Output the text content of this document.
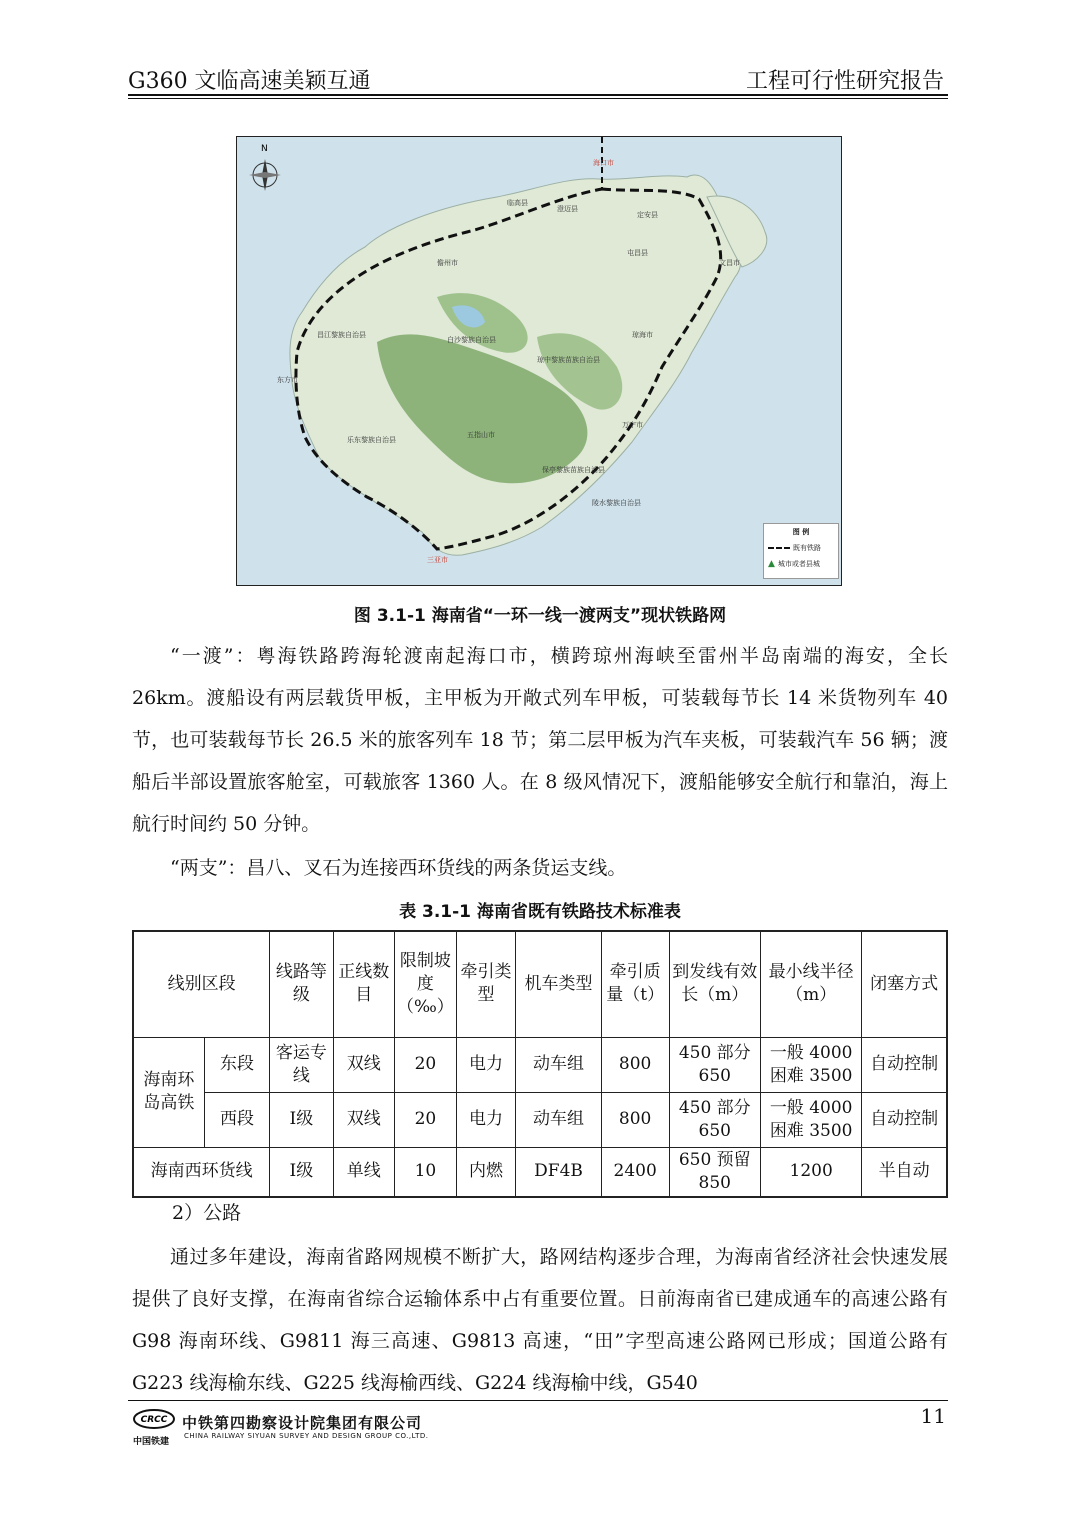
G360 文临高速美颖互通	工程可行性研究报告
N
海口市
临高县
澄迈县
定安县
文昌市
屯昌县
琼海市
儋州市
白沙黎族自治县
昌江黎族自治县
东方市
乐东黎族自治县
五指山市
琼中黎族苗族自治县
万宁市
陵水黎族自治县
保亭黎族苗族自治县
三亚市
图 例
既有铁路
▲ 城市或者县城
图 3.1-1 海南省“一环一线一渡两支”现状铁路网
“一渡”：粤海铁路跨海轮渡南起海口市，横跨琼州海峡至雷州半岛南端的海安，全长 26km。渡船设有两层载货甲板，主甲板为开敞式列车甲板，可装载每节长 14 米货物列车 40 节，也可装载每节长 26.5 米的旅客列车 18 节；第二层甲板为汽车夹板，可装载汽车 56 辆；渡船后半部设置旅客舱室，可载旅客 1360 人。在 8 级风情况下，渡船能够安全航行和靠泊，海上航行时间约 50 分钟。
“两支”：昌八、叉石为连接西环货线的两条货运支线。
表 3.1-1 海南省既有铁路技术标准表
线别区段		线路等级	正线数目	限制坡度（‰）	牵引类型	机车类型	牵引质量（t）	到发线有效长（m）	最小线半径（m）	闭塞方式
海南环岛高铁	东段	客运专线	双线	20	电力	动车组	800	450 部分 650	一般 4000 困难 3500	自动控制
	西段	Ⅰ级	双线	20	电力	动车组	800	450 部分 650	一般 4000 困难 3500	自动控制
海南西环货线		Ⅰ级	单线	10	内燃	DF4B	2400	650 预留 850	1200	半自动
2）公路
通过多年建设，海南省路网规模不断扩大，路网结构逐步合理，为海南省经济社会快速发展提供了良好支撑，在海南省综合运输体系中占有重要位置。日前海南省已建成通车的高速公路有 G98 海南环线、G9811 海三高速、G9813 高速，“田”字型高速公路网已形成；国道公路有 G223 线海榆东线、G225 线海榆西线、G224 线海榆中线，G540
CRCC
中国铁建
中铁第四勘察设计院集团有限公司
CHINA RAILWAY SIYUAN SURVEY AND DESIGN GROUP CO.,LTD.
11
